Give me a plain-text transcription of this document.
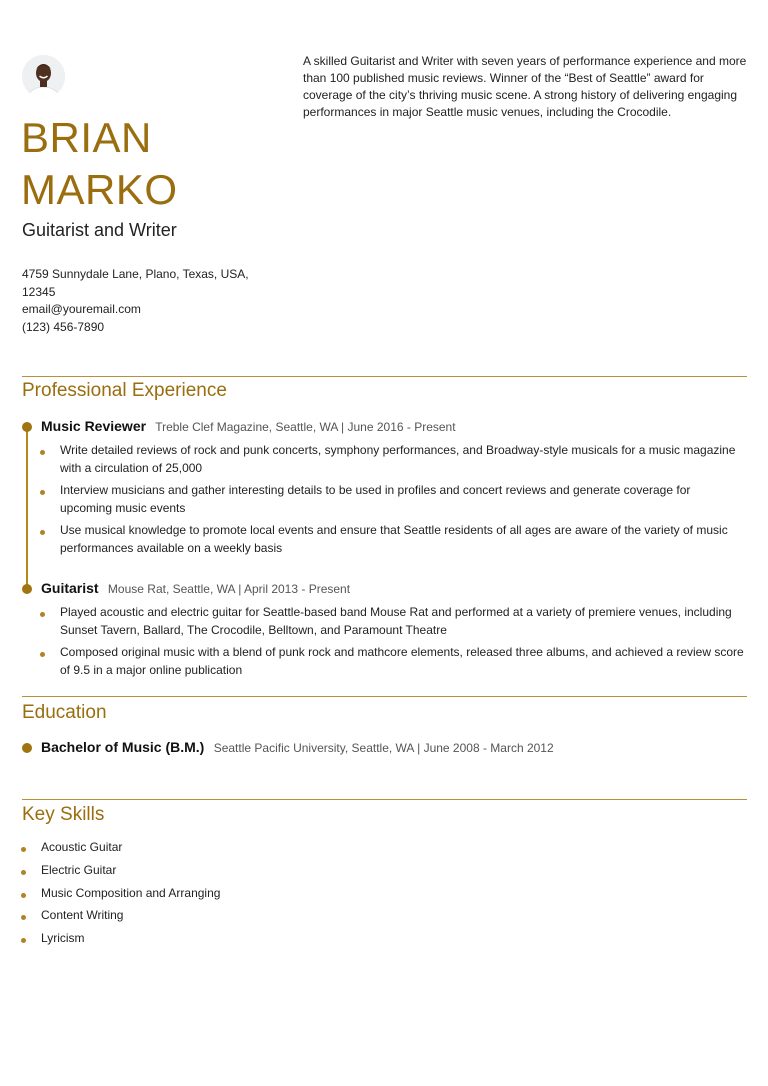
BRIAN
MARKO

Guitarist and Writer

4759 Sunnydale Lane, Plano, Texas, USA,
12345
email@youremail.com
(123) 456-7890

A skilled Guitarist and Writer with seven years of performance experience and more than 100 published music reviews. Winner of the “Best of Seattle” award for coverage of the city’s thriving music scene. A strong history of delivering engaging performances in major Seattle music venues, including the Crocodile.

Professional Experience
Music Reviewer Treble Clef Magazine, Seattle, WA | June 2016 - Present
Write detailed reviews of rock and punk concerts, symphony performances, and Broadway-style musicals for a music magazine with a circulation of 25,000
Interview musicians and gather interesting details to be used in profiles and concert reviews and generate coverage for upcoming music events
Use musical knowledge to promote local events and ensure that Seattle residents of all ages are aware of the variety of music performances available on a weekly basis
Guitarist Mouse Rat, Seattle, WA | April 2013 - Present
Played acoustic and electric guitar for Seattle-based band Mouse Rat and performed at a variety of premiere venues, including Sunset Tavern, Ballard, The Crocodile, Belltown, and Paramount Theatre
Composed original music with a blend of punk rock and mathcore elements, released three albums, and achieved a review score of 9.5 in a major online publication
Education
Bachelor of Music (B.M.) Seattle Pacific University, Seattle, WA | June 2008 - March 2012
Key Skills
Acoustic Guitar
Electric Guitar
Music Composition and Arranging
Content Writing
Lyricism
